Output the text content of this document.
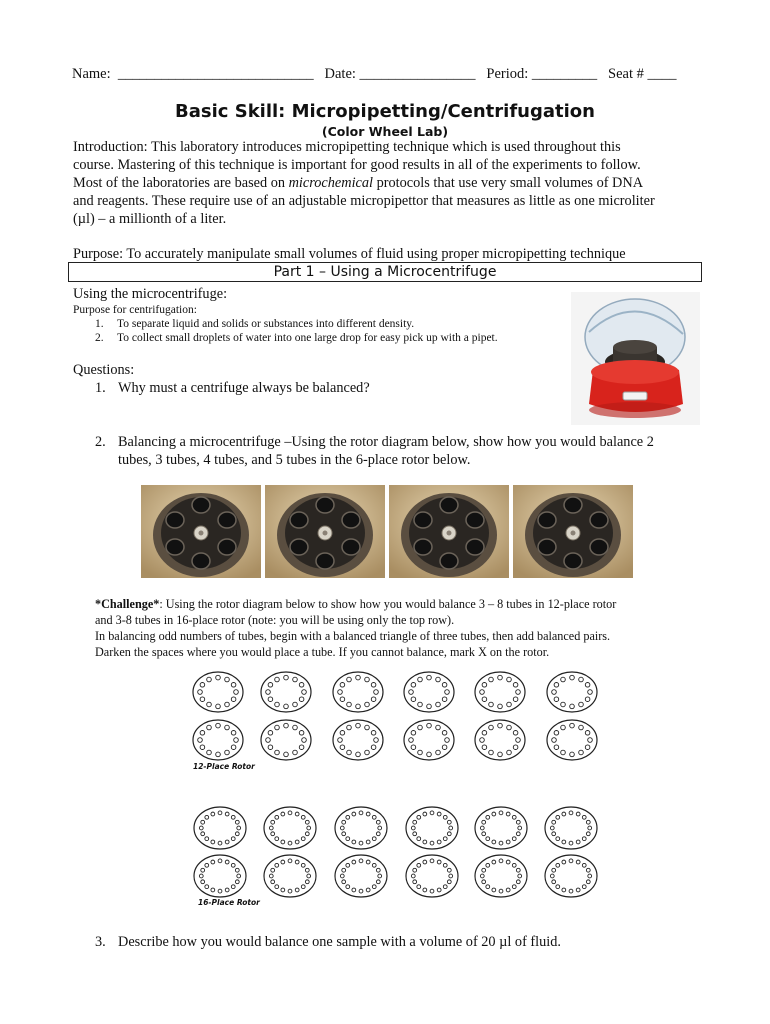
Name:  ___________________________   Date: ________________   Period: _________   Seat # ____
Basic Skill: Micropipetting/Centrifugation
(Color Wheel Lab)
Introduction: This laboratory introduces micropipetting technique which is used throughout this
course. Mastering of this technique is important for good results in all of the experiments to follow.
Most of the laboratories are based on microchemical protocols that use very small volumes of DNA
and reagents. These require use of an adjustable micropipettor that measures as little as one microliter
(µl) – a millionth of a liter.
Purpose: To accurately manipulate small volumes of fluid using proper micropipetting technique
Part 1 – Using a Microcentrifuge
Using the microcentrifuge:
Purpose for centrifugation:
1. To separate liquid and solids or substances into different density.
2. To collect small droplets of water into one large drop for easy pick up with a pipet.
Questions:
1. Why must a centrifuge always be balanced?
2. Balancing a microcentrifuge –Using the rotor diagram below, show how you would balance 2
tubes, 3 tubes, 4 tubes, and 5 tubes in the 6-place rotor below.
*Challenge*: Using the rotor diagram below to show how you would balance 3 – 8 tubes in 12-place rotor
and 3-8 tubes in 16-place rotor (note: you will be using only the top row).
In balancing odd numbers of tubes, begin with a balanced triangle of three tubes, then add balanced pairs.
Darken the spaces where you would place a tube. If you cannot balance, mark X on the rotor.
12-Place Rotor
16-Place Rotor
3. Describe how you would balance one sample with a volume of 20 µl of fluid.
